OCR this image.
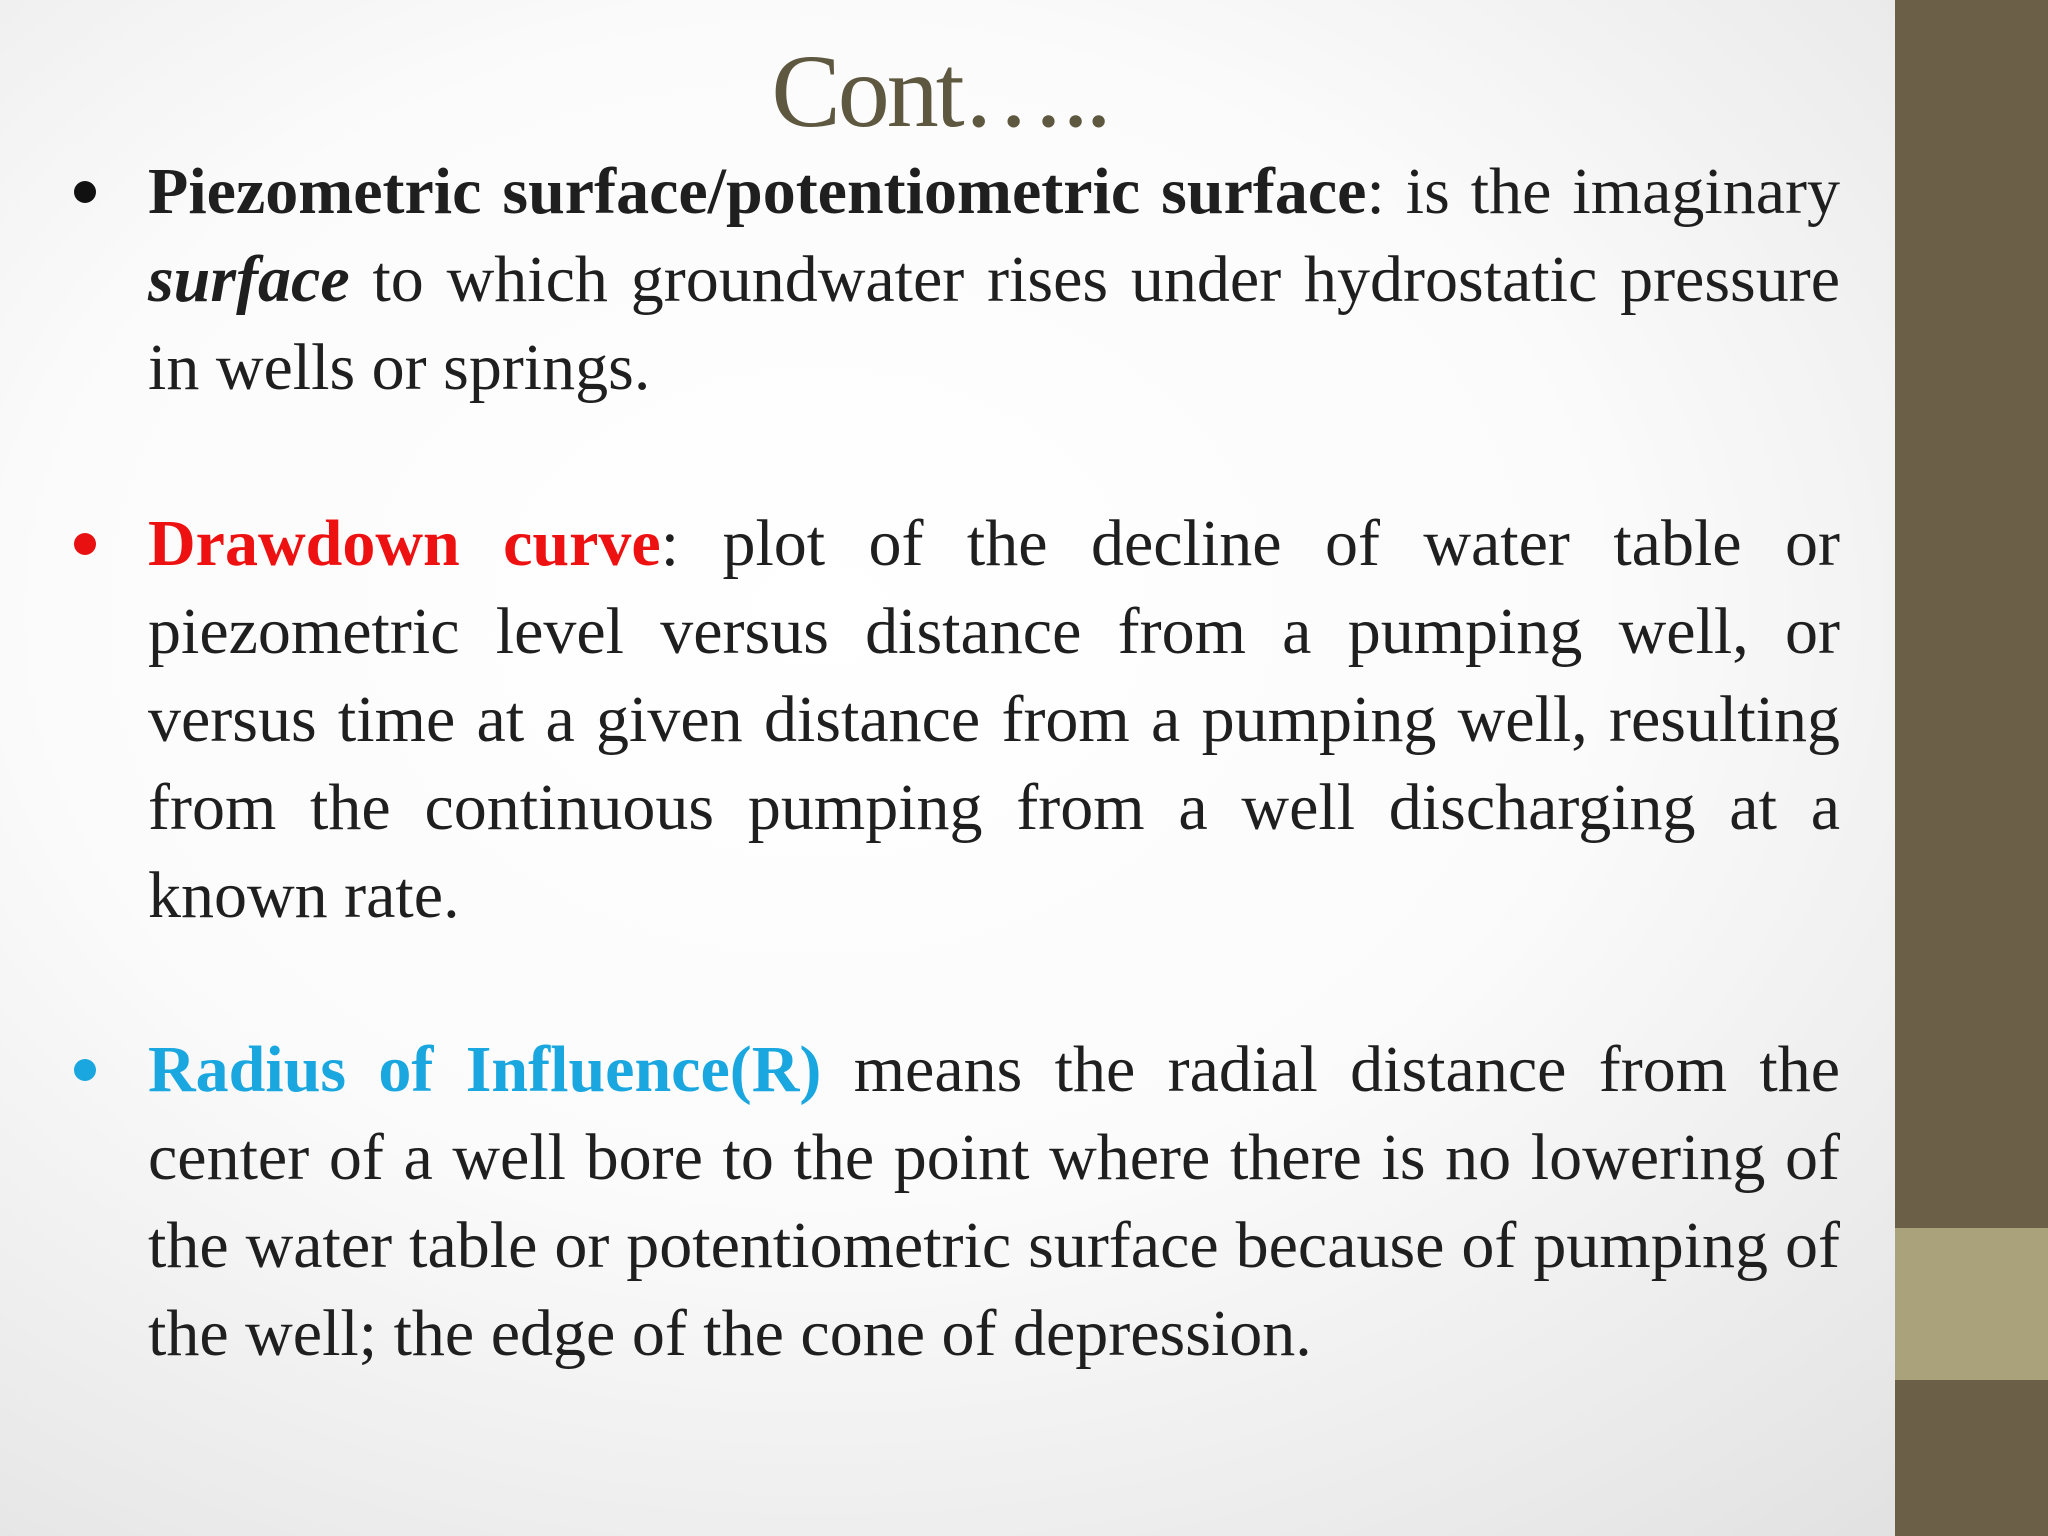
Cont…..
Piezometric surface/potentiometric surface: is the imaginary surface to which groundwater rises under hydrostatic pressure in wells or springs.
Drawdown curve: plot of the decline of water table or piezometric level versus distance from a pumping well, or versus time at a given distance from a pumping well, resulting from the continuous pumping from a well discharging at a known rate.
Radius of Influence(R) means the radial distance from the center of a well bore to the point where there is no lowering of the water table or potentiometric surface because of pumping of the well; the edge of the cone of depression.
